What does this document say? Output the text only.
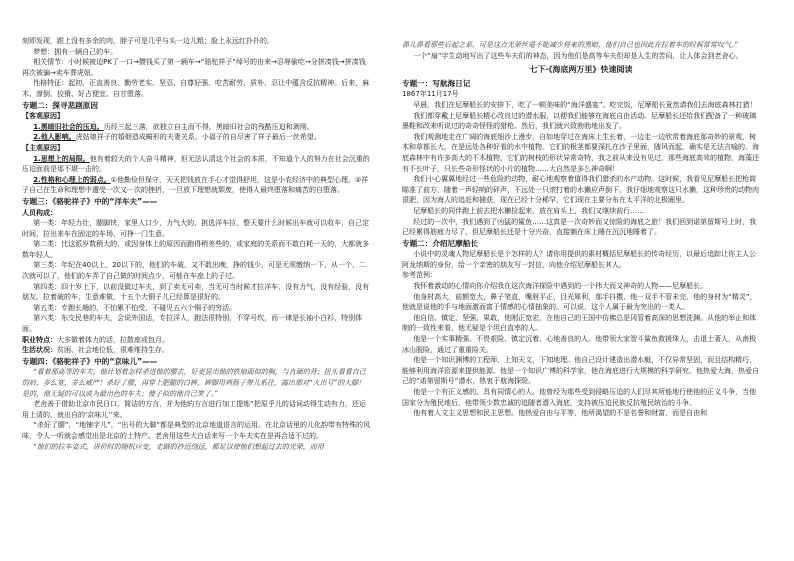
刻即发现，跟上没有多余的肉，脖子可是几乎与头一边儿粗；脸上永远红扑扑的。

梦想：拥有一辆自己的车。

相关情节：小时候被迫PK了一口→攒钱买了第一辆车→“骆驼祥子”绰号的由来→忍辱偷吃→分拼凑钱→拼凑钱再次被骗→卖车葬虎妞。

性格特征：起初，正直善良、勤劳老实、坚忍、自尊好强、吃苦耐劳、质朴、忍让中蕴含反抗精神。后来，麻木、潦倒、狡猾、好占便宜、自甘堕落。

专题二：探寻悲剧原因

【客观原因】

1.黑暗旧社会的压迫。历经三起三落，欲独立自主而不得，黑暗旧社会的残酷压迫和剥削。

2.他人影响。虎姑娘祥子的婚姻造成畸形的夫妻关系，小福子的自尽害了祥子最后一丝希望。

【主观原因】

1.思想上的局限。他有着较大的个人奋斗精神，但无法认清这个社会的本质，不知道个人的努力在社会沉重的压迫面前是那不堪一击的。

2.性格和心理上的弱点。①他勤俭但保守，天天把钱放在手心才觉得舒坦，这是小农经济中的典型心理。②祥子自己在生命和理想中遭受一次又一次的挫折，一旦放下理想就颓废，使得人最终堕落和痛苦的自堕落。

专题三：《骆驼祥子》中的“洋车夫”——

人员构成：

第一类：年轻力壮，腿脚快，家里人口少，力气大的，挑选洋车拉，整天要什么时候出车就可以收车，自己定时间，拉出来车在固定的车场，可挣一门生意。

第二类：比这派岁数稍大的，或因身体上的原因而跑得稍差些的，或家庭的关系而不敢白耗一天的，大都就多数年轻人。

第三类：年纪在40以上，20以下的，他们的车破，又不敢出晚，挣的钱少，可是无须缴纳一下，从一个、二次就可以了，他们的车弄了自己做的时间点少，可能在车座上的子过。

第四类：四十岁上下，以前没做过车夫，到了卖无可卖，当无可当时候才拉洋车，没有力气，没有经验，没有朋友，拉着破的车，生意难做，十五个大铜子儿已经算是很好的。

第五类：专跑长趟的，不怕累不怕受，不碰见五六个铜子的穷活。

第六类：东交民巷的车夫，会说外国话，专拉洋人，跑法很特别，不穿号坎，而一律是长袖小白衫，特别体面。

职业特点：大多做着体力的活，拉散座或包月。

生活状况：贫困、社会地位低，很难维持生存。

专题四：《骆驼祥子》中的“京味儿”——

“看着那高等的车夫，他计划着怎样杀进他的腰去，好更显出他的铁扇面似的胸，与直硬的背；扭头看看自己的肩，多么宽，多么威严！杀好了腰，再穿上肥腿的白裤，裤脚用鸡肠子带儿系住，露出那对“大出号”的大脚！是的，他无疑的可以成为最出色的车夫；傻子似的他自己笑了。”

老舍善于借助北京市民日口、简洁的方言，并为他的方言进行加工提炼“把原乎儿的话词动得生动有力，还运用上清的，就出自的‘京味儿’’来。

“杀好了腰”，“地铺字儿”，“出号的大脚”都是典型的北京地道语言的运用。在北京话里的儿化韵带有特殊的风味，令人一听就会感觉出是北京的土特产。老舍用这些大白话来写一个车夫实在是再合适不过的。

“他们的拉车姿式，讲价时的随机应变，走路的抄近绕远，都足以使他们想起过去的光荣，而用

鼻儿鼻看那些后起之辈。可是这点光荣丝毫不能减少将来的黑暗，他们自己也因此在拉着车的时候常常叹气。”

一个“扇”字生动地写出了这些车夫们的神态，因为他们是高等车夫但却是人生的苦闷，让人体会到老舍心。

七下·《海底两万里》快速阅读

专题一：写航海日记

1867年11月17号

早晨，我们在尼摩船长的安排下，吃了一顿美味的“海洋盛宴”。吃完饭，尼摩船长竟然请我们去海底森林打猎！

我们都穿戴上尼摩船长精心改良过的潜水服，以便我们能够在海底自由活动。尼摩船长还给我们配备了一种玻璃墨鞋和改来听说过的奇奇怪怪的猎枪。然后，我们就兴致勃勃地出发了。

我们观测地走在广阔的海底细沙上漫步，自如地穿过在海床上生长着，一边走一边欣赏着海底那奇妙的景观，树木和草都长大，在是远处各种好看的水中植物。它们的根茎都要深扎在沙子里面，随风而起，确实是无法言喻的。海底森林中有许多高大的不木植物，它们的树枝的形状异常奇特，我之前从来没有见过，那些海底高耸的植物，海藻还有不长叶子，只长些奇形怪状的小片的植物……大自然是多么神奇啊！

我们小心翼翼地经过一些危险的动物，耐心地观察着值得我们猎杀的水产动物。这时候，我看见尼摩船长把枪筒瞄准了前方，随着一声轻响的砰声，不远处一只滚打着的水獭应声倒下。我仔细地观察这只水獭，这种珍贵的动物肉很肥，因为海人的追赶和捕获，现在已经十分稀罕，它们现在主要分布在太平洋的北极圈里。

尼摩船长的同伴跑上前去把水獭捡起来，放在肩头上，我们又继续前行……

经过的一次中，我们遇到了凶猛的鲨鱼……这真是一次奇妙而又惊险的海底之旅！我们回到诺第留斯号上时，我已经累得筋疲力尽了，但尼摩船长还是十分兴奋，直接躺在床上睡在沉沉地睡着了。

专题二：介绍尼摩船长

小说中的灵魂人物尼摩船长是个怎样的人？请你用提供的素材概括尼摩船长的传奇经历，以最后追踪让你主人公阿龙纳斯的身份，给一个亲密的朋友写一封信，向他介绍尼摩船长其人。

参考范例：

我怀着激动的心情向你介绍我在这次海洋探险中遇到的一个伟大而又神奇的人物——尼摩船长。

他身材高大，前额宽大，鼻子笔直，嘴唇平正，目光犀利，那手抖擞、他一双手不管未完，他的身材为“精灵”，他就是说他的手与地面激而富于情感的心情抽象的。可以说，这个人属于最为突出的一类人。

他自信、镇定、坚强、果敢，他刚正宽宏，在他自己的王国中仿佛总是冈管着高深的思想洗渊。从他的举止和体制的一致性来看，他无疑是个坦白直率的人。

他是一个实事精强、不畏艰险、镇定沉着、心地善良的人。他带领大家智斗鲨鱼救援珠人，击退土著人，从南极冰山脱险，通过了重重险关。

他是一个知识渊博的工程师，上知天文，下知地理。他自己设计建造出潜水艇，不仅异常坚固，而且结构精巧，能够利用海洋资源来提供能源。他是一个知识广博的科学家，他在海底进行大规模的科学研究。他热爱大海，热爱自己的“诺第留斯号”潜水，热衷于航海探险。

他是一个有正义感的、具有同情心的人。他曾经为那些受到侵略压迫的人们尽其所能地行使他的正义斗争，当他国家分为殖民地后，他带领少数忠诚的追随者潜入海底，支持被压迫民族反抗殖民统治的斗争。

他有着人文主义思想和民主思想。他热爱自由与平等，他所渴望的不是名誉和财富，而是自由和
